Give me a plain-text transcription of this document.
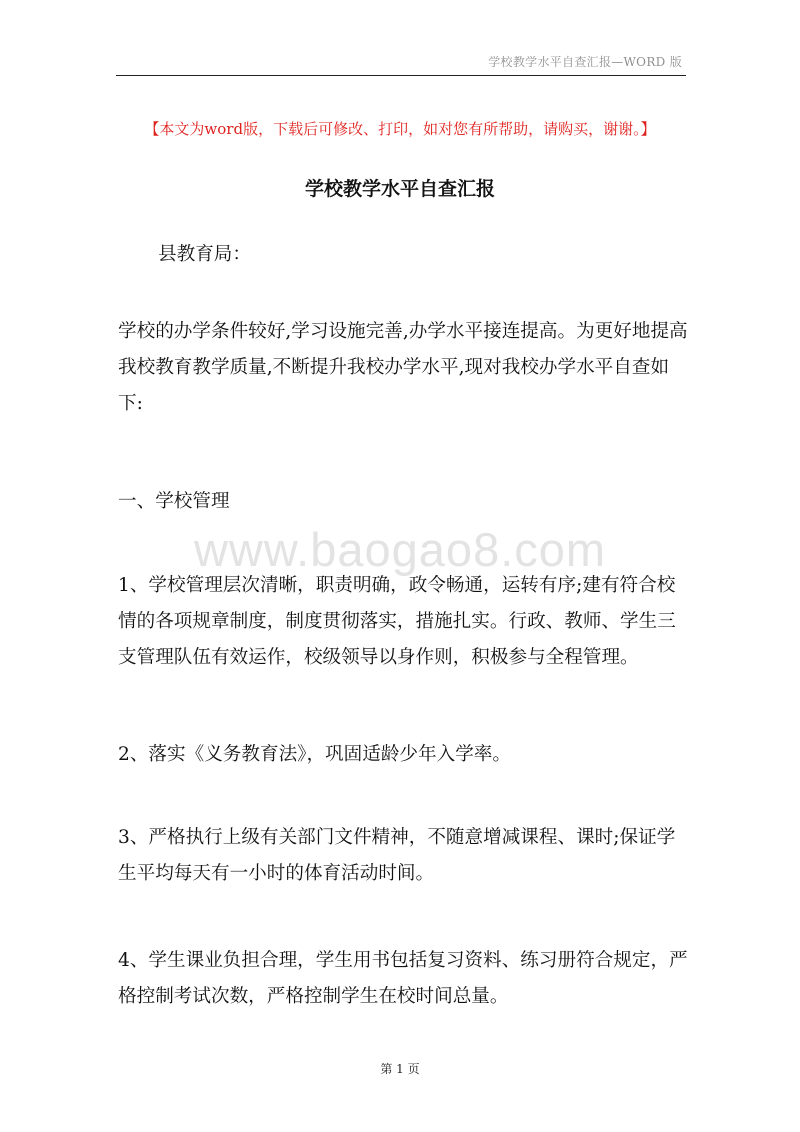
学校教学水平自查汇报—WORD 版
【本文为word版，下载后可修改、打印，如对您有所帮助，请购买，谢谢。】
学校教学水平自查汇报
www.baogao8.com

县教育局：

学校的办学条件较好,学习设施完善,办学水平接连提高。为更好地提高我校教育教学质量,不断提升我校办学水平,现对我校办学水平自查如下:

一、学校管理

1、学校管理层次清晰，职责明确，政令畅通，运转有序;建有符合校情的各项规章制度，制度贯彻落实，措施扎实。行政、教师、学生三支管理队伍有效运作，校级领导以身作则，积极参与全程管理。

2、落实《义务教育法》，巩固适龄少年入学率。

3、严格执行上级有关部门文件精神，不随意增减课程、课时;保证学生平均每天有一小时的体育活动时间。

4、学生课业负担合理，学生用书包括复习资料、练习册符合规定，严格控制考试次数，严格控制学生在校时间总量。

第 1 页
